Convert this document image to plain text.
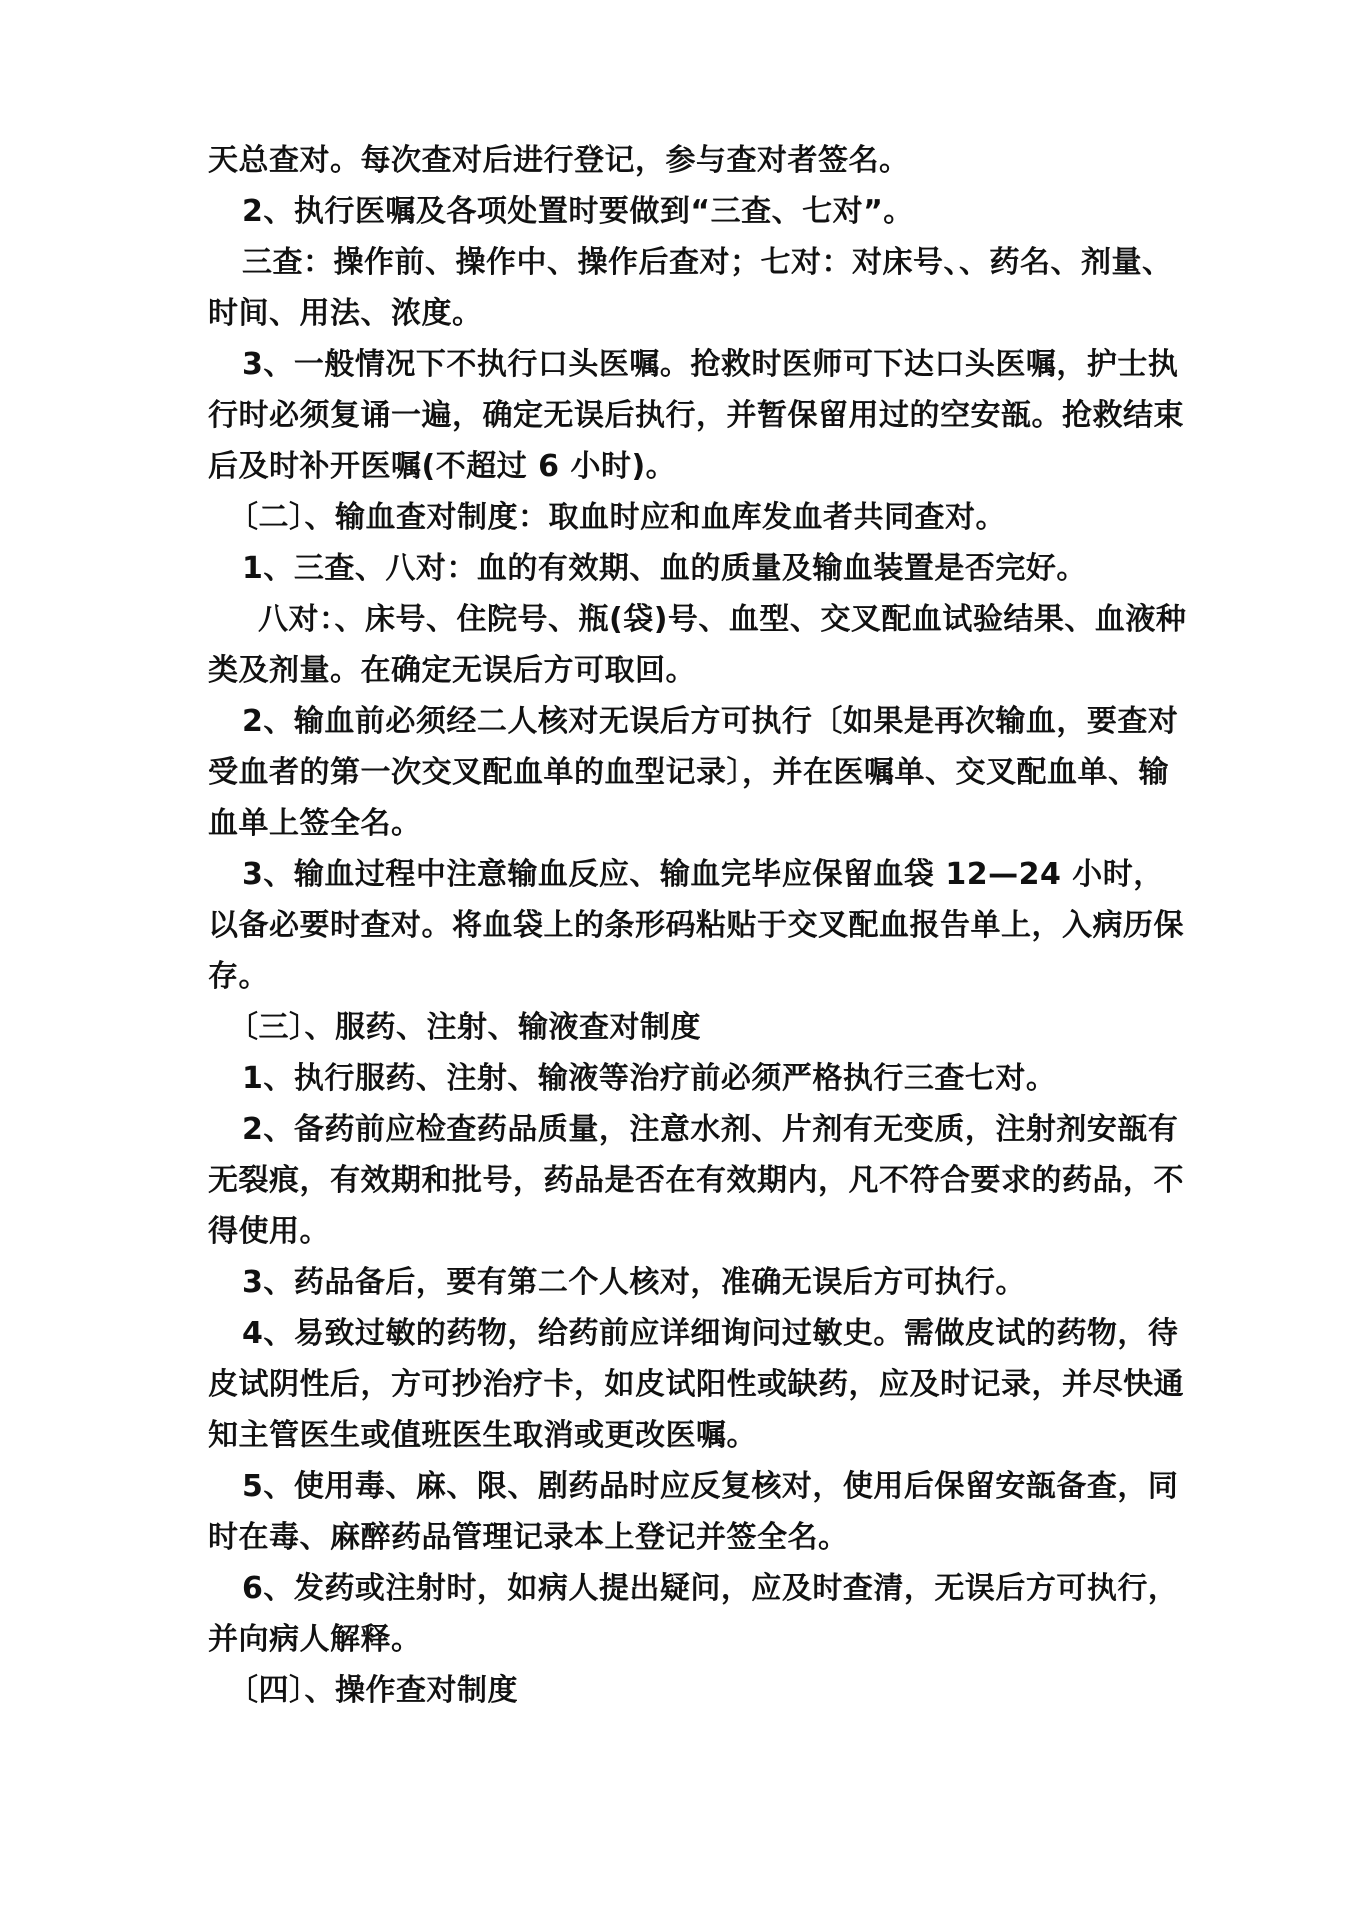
天总查对。每次查对后进行登记，参与查对者签名。

2、执行医嘱及各项处置时要做到“三查、七对”。

三查：操作前、操作中、操作后查对；七对：对床号、、药名、剂量、时间、用法、浓度。

3、一般情况下不执行口头医嘱。抢救时医师可下达口头医嘱，护士执行时必须复诵一遍，确定无误后执行，并暂保留用过的空安瓿。抢救结束后及时补开医嘱(不超过 6 小时)。

〔二〕、输血查对制度：取血时应和血库发血者共同查对。

1、三查、八对：血的有效期、血的质量及输血装置是否完好。

八对：、床号、住院号、瓶(袋)号、血型、交叉配血试验结果、血液种类及剂量。在确定无误后方可取回。

2、输血前必须经二人核对无误后方可执行〔如果是再次输血，要查对受血者的第一次交叉配血单的血型记录〕，并在医嘱单、交叉配血单、输血单上签全名。

3、输血过程中注意输血反应、输血完毕应保留血袋 12—24 小时，以备必要时查对。将血袋上的条形码粘贴于交叉配血报告单上，入病历保存。

〔三〕、服药、注射、输液查对制度

1、执行服药、注射、输液等治疗前必须严格执行三查七对。

2、备药前应检查药品质量，注意水剂、片剂有无变质，注射剂安瓿有无裂痕，有效期和批号，药品是否在有效期内，凡不符合要求的药品，不得使用。

3、药品备后，要有第二个人核对，准确无误后方可执行。

4、易致过敏的药物，给药前应详细询问过敏史。需做皮试的药物，待皮试阴性后，方可抄治疗卡，如皮试阳性或缺药，应及时记录，并尽快通知主管医生或值班医生取消或更改医嘱。

5、使用毒、麻、限、剧药品时应反复核对，使用后保留安瓿备查，同时在毒、麻醉药品管理记录本上登记并签全名。

6、发药或注射时，如病人提出疑问，应及时查清，无误后方可执行，并向病人解释。

〔四〕、操作查对制度
